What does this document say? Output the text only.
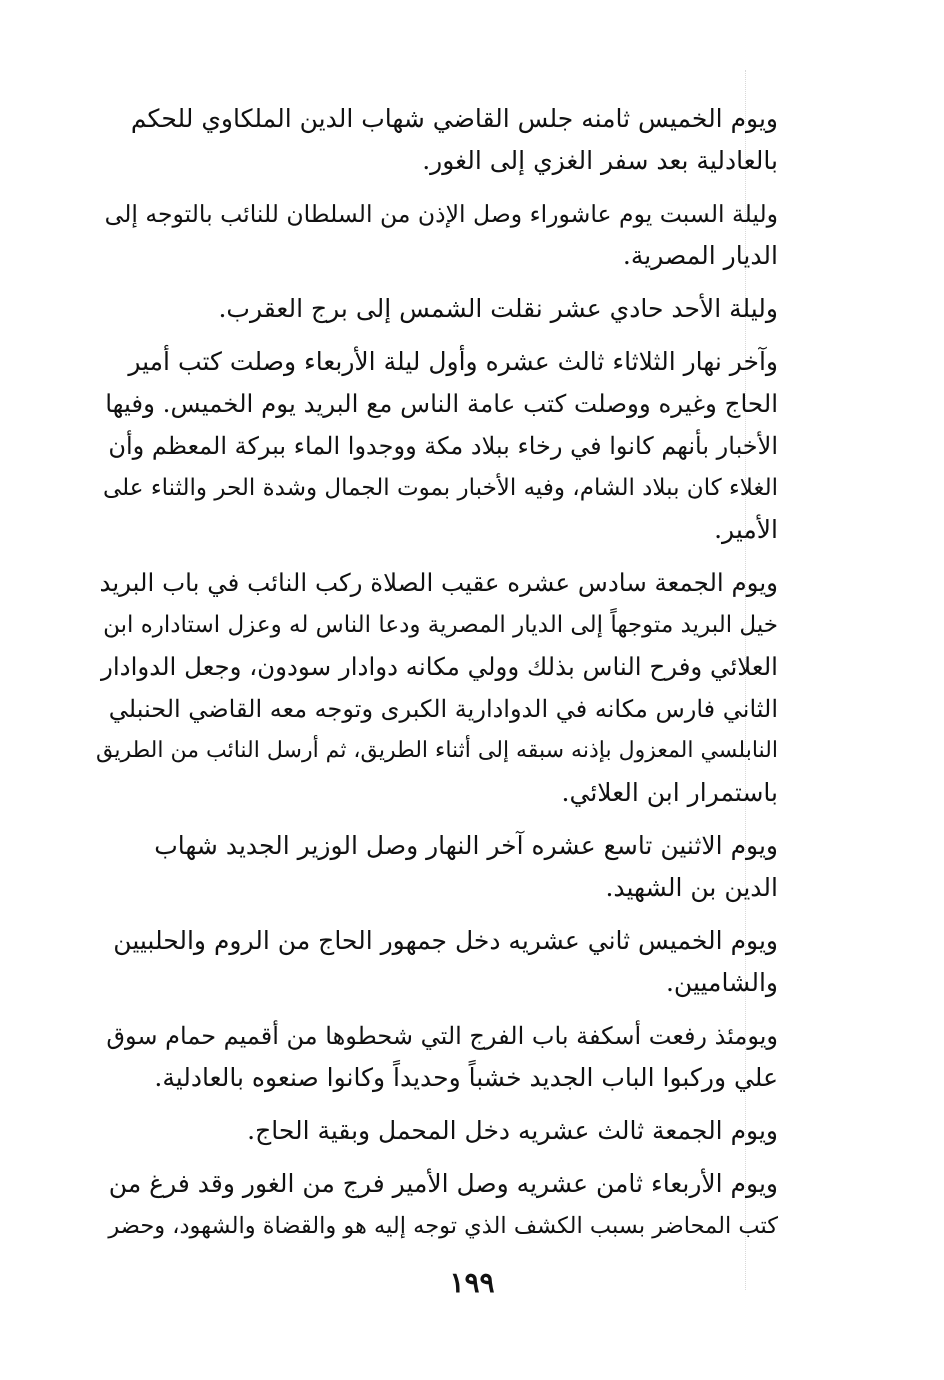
ويوم الخميس ثامنه جلس القاضي شهاب الدين الملكاوي للحكم
بالعادلية بعد سفر الغزي إلى الغور.

وليلة السبت يوم عاشوراء وصل الإذن من السلطان للنائب بالتوجه إلى
الديار المصرية.

وليلة الأحد حادي عشر نقلت الشمس إلى برج العقرب.

وآخر نهار الثلاثاء ثالث عشره وأول ليلة الأربعاء وصلت كتب أمير
الحاج وغيره ووصلت كتب عامة الناس مع البريد يوم الخميس. وفيها
الأخبار بأنهم كانوا في رخاء ببلاد مكة ووجدوا الماء ببركة المعظم وأن
الغلاء كان ببلاد الشام، وفيه الأخبار بموت الجمال وشدة الحر والثناء على
الأمير.

ويوم الجمعة سادس عشره عقيب الصلاة ركب النائب في باب البريد
خيل البريد متوجهاً إلى الديار المصرية ودعا الناس له وعزل استاداره ابن
العلائي وفرح الناس بذلك وولي مكانه دوادار سودون، وجعل الدوادار
الثاني فارس مكانه في الدوادارية الكبرى وتوجه معه القاضي الحنبلي
النابلسي المعزول بإذنه سبقه إلى أثناء الطريق، ثم أرسل النائب من الطريق
باستمرار ابن العلائي.

ويوم الاثنين تاسع عشره آخر النهار وصل الوزير الجديد شهاب
الدين بن الشهيد.

ويوم الخميس ثاني عشريه دخل جمهور الحاج من الروم والحلبيين
والشاميين.

ويومئذ رفعت أسكفة باب الفرج التي شحطوها من أقميم حمام سوق
علي وركبوا الباب الجديد خشباً وحديداً وكانوا صنعوه بالعادلية.

ويوم الجمعة ثالث عشريه دخل المحمل وبقية الحاج.

ويوم الأربعاء ثامن عشريه وصل الأمير فرج من الغور وقد فرغ من
كتب المحاضر بسبب الكشف الذي توجه إليه هو والقضاة والشهود، وحضر

١٩٩
